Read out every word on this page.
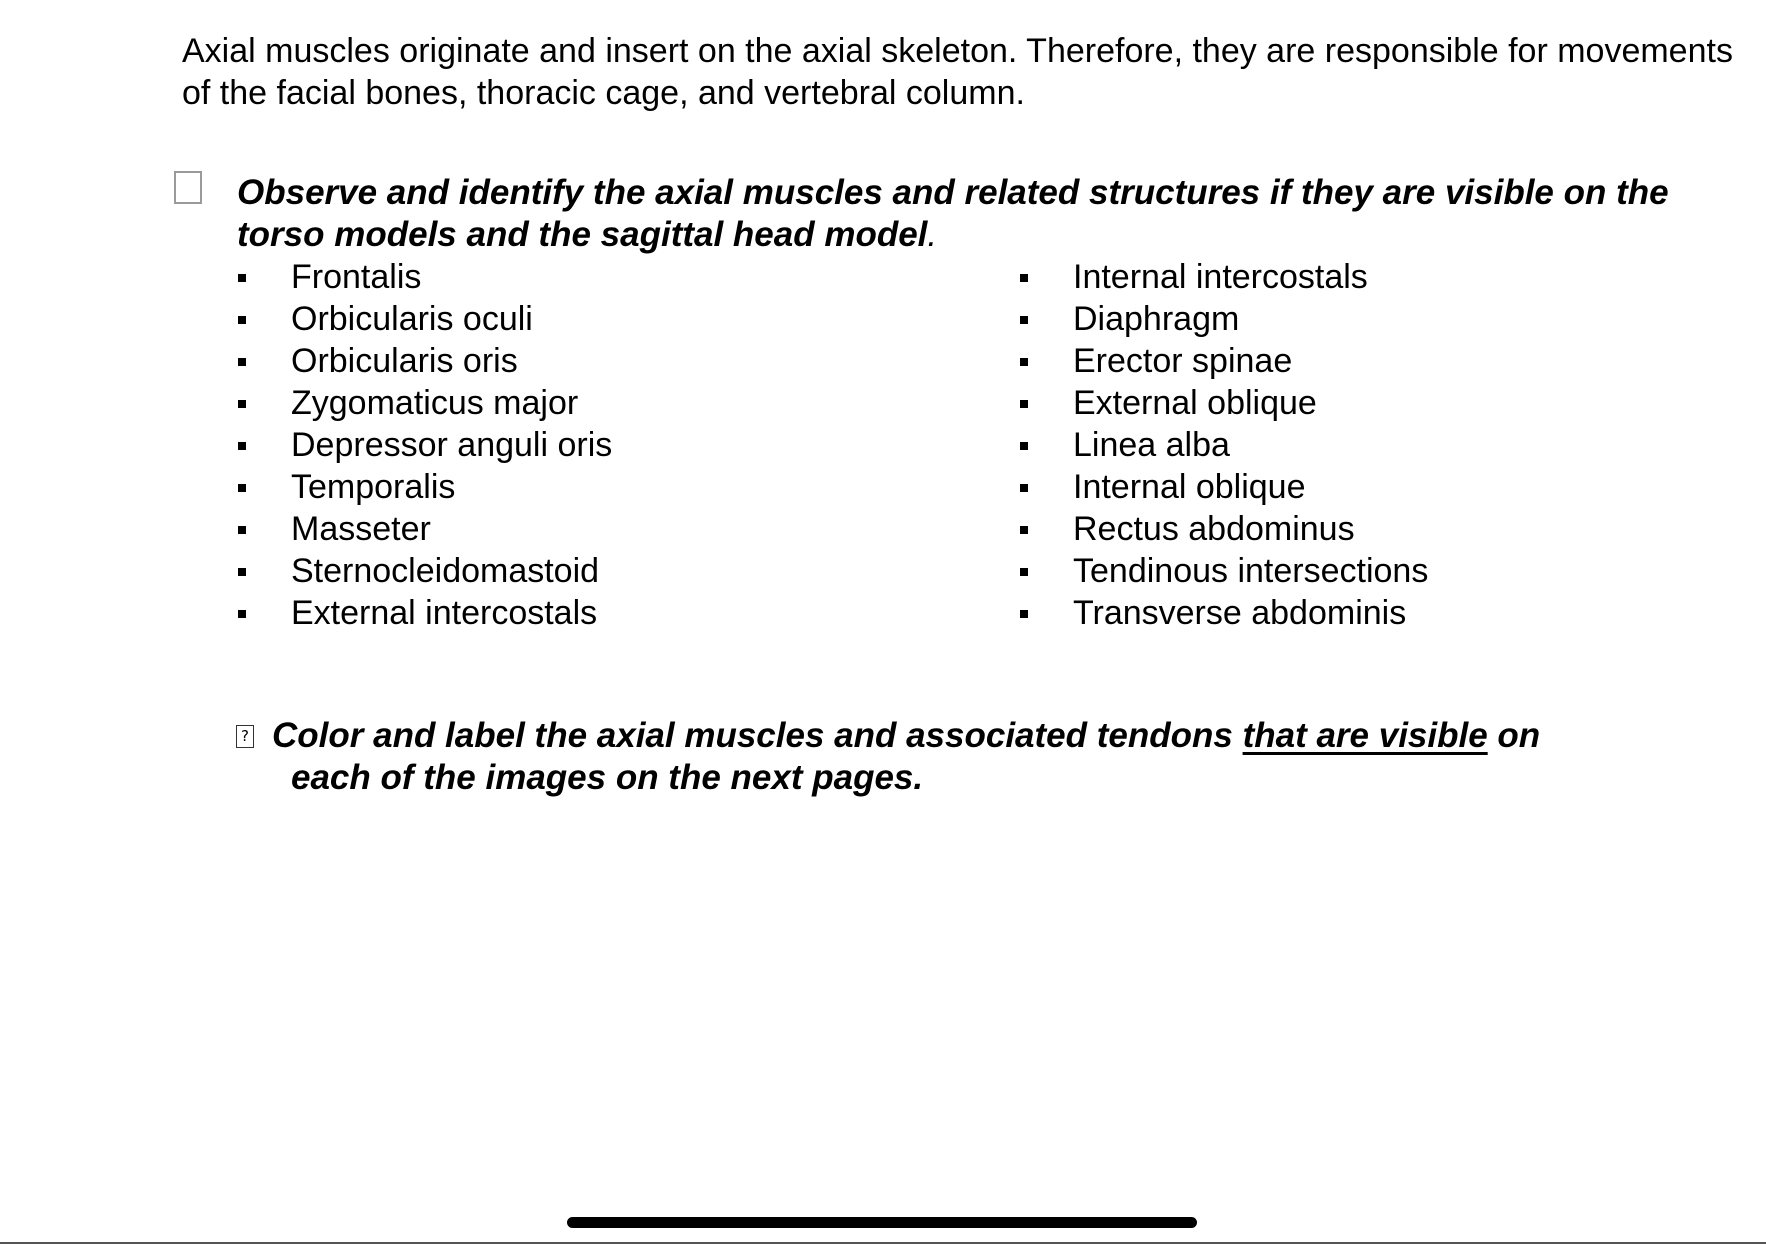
Axial muscles originate and insert on the axial skeleton. Therefore, they are responsible for movements of the facial bones, thoracic cage, and vertebral column.

Observe and identify the axial muscles and related structures if they are visible on the torso models and the sagittal head model.

Frontalis
Orbicularis oculi
Orbicularis oris
Zygomaticus major
Depressor anguli oris
Temporalis
Masseter
Sternocleidomastoid
External intercostals
Internal intercostals
Diaphragm
Erector spinae
External oblique
Linea alba
Internal oblique
Rectus abdominus
Tendinous intersections
Transverse abdominis
? Color and label the axial muscles and associated tendons that are visible on
each of the images on the next pages.
